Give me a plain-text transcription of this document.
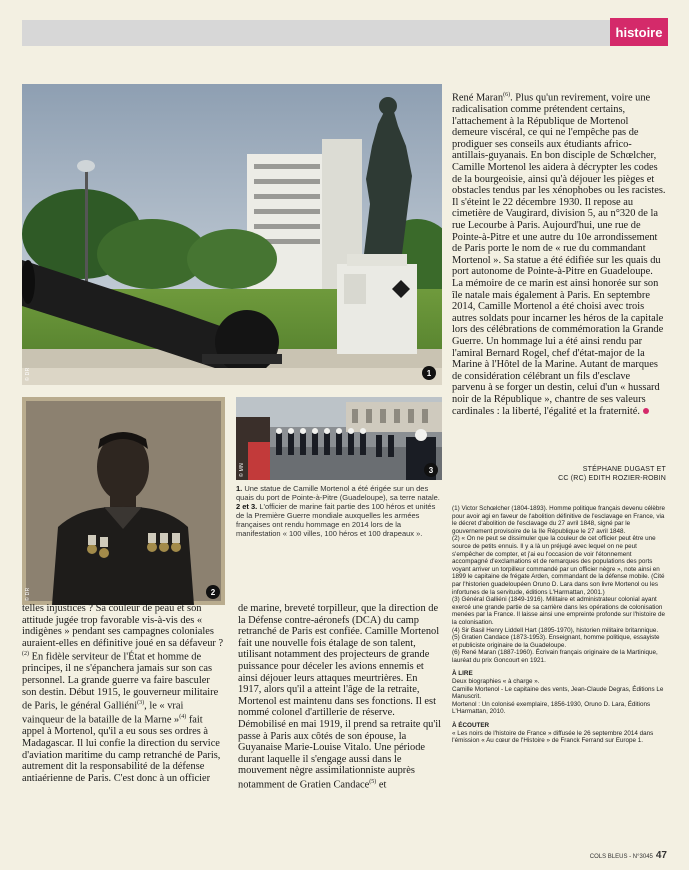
histoire
© DR	1
© DR	2
© MN	3
1. Une statue de Camille Mortenol a été érigée sur un des quais du port de Pointe-à-Pitre (Guadeloupe), sa terre natale.
2 et 3. L'officier de marine fait partie des 100 héros et unités de la Première Guerre mondiale auxquelles les armées françaises ont rendu hommage en 2014 lors de la manifestation « 100 villes, 100 héros et 100 drapeaux ».

René Maran$^{(6)}$. Plus qu'un revirement, voire une radicalisation comme prétendent certains, l'attachement à la République de Mortenol demeure viscéral, ce qui ne l'empêche pas de prodiguer ses conseils aux étudiants africo-antillais-guyanais. En bon disciple de Schœlcher, Camille Mortenol les aidera à décrypter les codes de la bourgeoisie, ainsi qu'à déjouer les pièges et obstacles tendus par les xénophobes ou les racistes. Il s'éteint le 22 décembre 1930. Il repose au cimetière de Vaugirard, division 5, au n°320 de la rue Lecourbe à Paris. Aujourd'hui, une rue de Pointe-à-Pitre et une autre du 10e arrondissement de Paris porte le nom de « rue du commandant Mortenol ». Sa statue a été édifiée sur les quais du port autonome de Pointe-à-Pitre en Guadeloupe. La mémoire de ce marin est ainsi honorée sur son île natale mais également à Paris. En septembre 2014, Camille Mortenol a été choisi avec trois autres soldats pour incarner les héros de la capitale lors des célébrations de commémoration la Grande Guerre. Un hommage lui a été ainsi rendu par l'amiral Bernard Rogel, chef d'état-major de la Marine à l'Hôtel de la Marine. Autant de marques de considération célébrant un fils d'esclave parvenu à se forger un destin, celui d'un « hussard noir de la République », chantre de ses valeurs cardinales : la liberté, l'égalité et la fraternité.

STÉPHANE DUGAST ET
CC (RC) EDITH ROZIER-ROBIN
(1) Victor Schœlcher (1804-1893). Homme politique français devenu célèbre pour avoir agi en faveur de l'abolition définitive de l'esclavage en France, via le décret d'abolition de l'esclavage du 27 avril 1848, signé par le gouvernement provisoire de la IIe République le 27 avril 1848.
(2) « On ne peut se dissimuler que la couleur de cet officier peut être une source de petits ennuis. Il y a là un préjugé avec lequel on ne peut s'empêcher de compter, et j'ai eu l'occasion de voir l'étonnement accompagné d'exclamations et de remarques des populations des ports voyant arriver un torpilleur commandé par un officier nègre », note ainsi en 1899 le capitaine de frégate Arden, commandant de la défense mobile. (Cité par l'historien guadeloupéen Oruno D. Lara dans son livre Mortenol ou les infortunes de la servitude, éditions L'Harmattan, 2001.)
(3) Général Galliéni (1849-1916). Militaire et administrateur colonial ayant exercé une grande partie de sa carrière dans les opérations de colonisation menées par la France. Il laisse ainsi une empreinte profonde sur l'histoire de la colonisation.
(4) Sir Basil Henry Liddell Hart (1895-1970), historien militaire britannique.
(5) Gratien Candace (1873-1953). Enseignant, homme politique, essayiste et publiciste originaire de la Guadeloupe.
(6) René Maran (1887-1960). Écrivain français originaire de la Martinique, lauréat du prix Goncourt en 1921.
À LIRE
Deux biographies « à charge ».
Camille Mortenol - Le capitaine des vents, Jean-Claude Degras, Éditions Le Manuscrit.
Mortenol : Un colonisé exemplaire, 1856-1930, Oruno D. Lara, Éditions L'Harmattan, 2010.
À ÉCOUTER
« Les noirs de l'histoire de France » diffusée le 26 septembre 2014 dans l'émission « Au cœur de l'Histoire » de Franck Ferrand sur Europe 1.
telles injustices ? Sa couleur de peau et son attitude jugée trop favorable vis-à-vis des « indigènes » pendant ses campagnes coloniales auraient-elles en définitive joué en sa défaveur ?$^{(2)}$ En fidèle serviteur de l'État et homme de principes, il ne s'épanchera jamais sur son cas personnel. La grande guerre va faire basculer son destin. Début 1915, le gouverneur militaire de Paris, le général Galliéni$^{(3)}$, le « vrai vainqueur de la bataille de la Marne »$^{(4)}$ fait appel à Mortenol, qu'il a eu sous ses ordres à Madagascar. Il lui confie la direction du service d'aviation maritime du camp retranché de Paris, autrement dit la responsabilité de la défense antiaérienne de Paris. C'est donc à un officier
de marine, breveté torpilleur, que la direction de la Défense contre-aéronefs (DCA) du camp retranché de Paris est confiée. Camille Mortenol fait une nouvelle fois étalage de son talent, utilisant notamment des projecteurs de grande puissance pour déceler les avions ennemis et ainsi déjouer leurs attaques meurtrières. En 1917, alors qu'il a atteint l'âge de la retraite, Mortenol est maintenu dans ses fonctions. Il est nommé colonel d'artillerie de réserve. Démobilisé en mai 1919, il prend sa retraite qu'il passe à Paris aux côtés de son épouse, la Guyanaise Marie-Louise Vitalo. Une période durant laquelle il s'engage aussi dans le mouvement nègre assimilationniste auprès notamment de Gratien Candace$^{(5)}$ et
COLS BLEUS - N°3045 47
